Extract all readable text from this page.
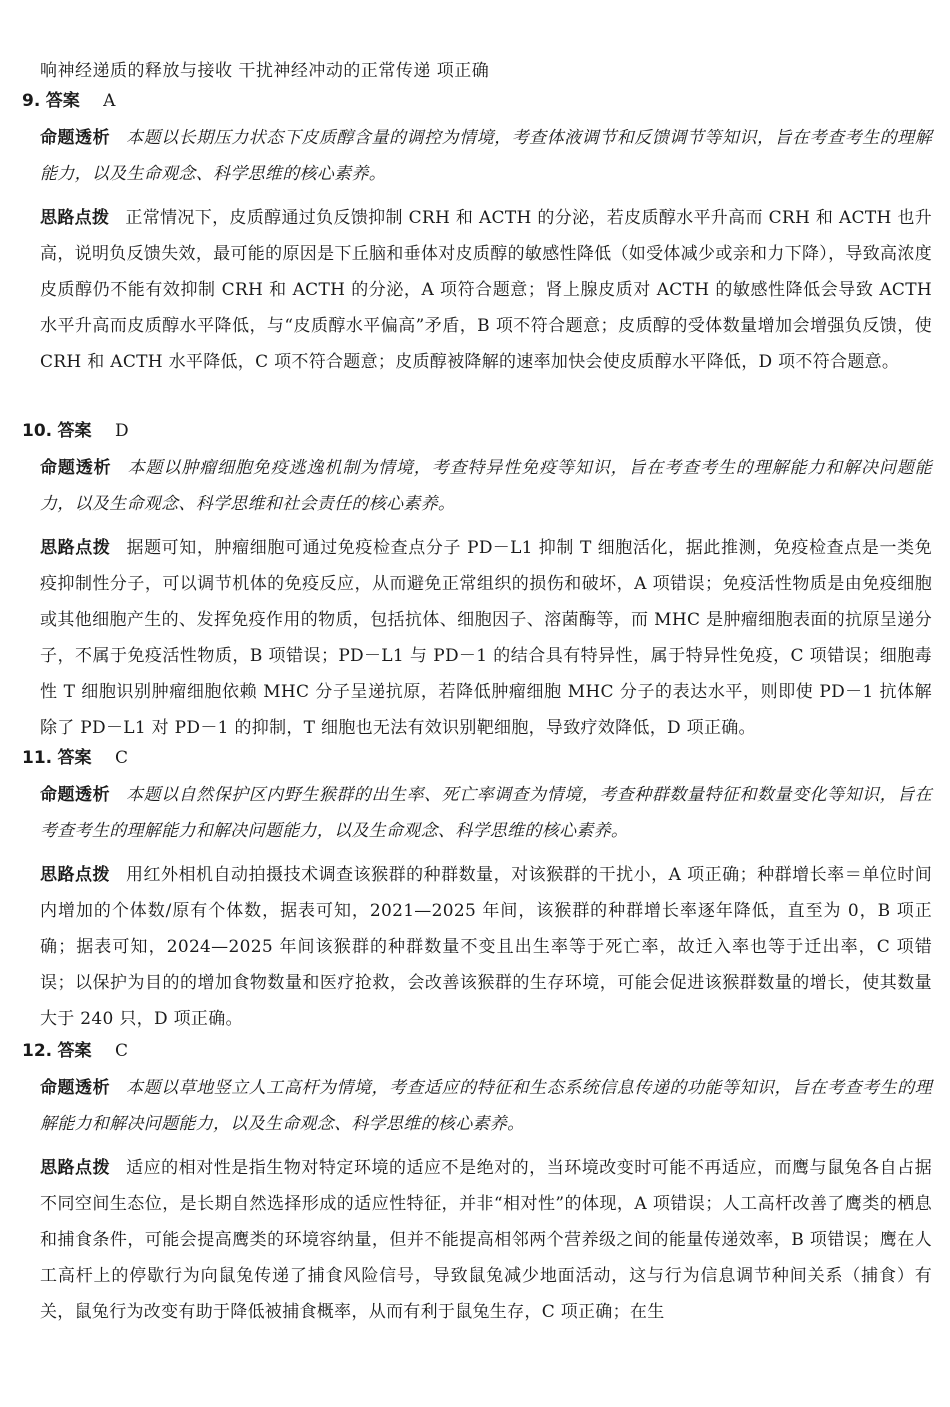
响神经递质的释放与接收 干扰神经冲动的正常传递 项正确
9. 答案 A
命题透析 本题以长期压力状态下皮质醇含量的调控为情境，考查体液调节和反馈调节等知识，旨在考查考生的理解能力，以及生命观念、科学思维的核心素养。
思路点拨 正常情况下，皮质醇通过负反馈抑制 CRH 和 ACTH 的分泌，若皮质醇水平升高而 CRH 和 ACTH 也升高，说明负反馈失效，最可能的原因是下丘脑和垂体对皮质醇的敏感性降低（如受体减少或亲和力下降），导致高浓度皮质醇仍不能有效抑制 CRH 和 ACTH 的分泌，A 项符合题意；肾上腺皮质对 ACTH 的敏感性降低会导致 ACTH 水平升高而皮质醇水平降低，与“皮质醇水平偏高”矛盾，B 项不符合题意；皮质醇的受体数量增加会增强负反馈，使 CRH 和 ACTH 水平降低，C 项不符合题意；皮质醇被降解的速率加快会使皮质醇水平降低，D 项不符合题意。
10. 答案 D
命题透析 本题以肿瘤细胞免疫逃逸机制为情境，考查特异性免疫等知识，旨在考查考生的理解能力和解决问题能力，以及生命观念、科学思维和社会责任的核心素养。
思路点拨 据题可知，肿瘤细胞可通过免疫检查点分子 PD－L1 抑制 T 细胞活化，据此推测，免疫检查点是一类免疫抑制性分子，可以调节机体的免疫反应，从而避免正常组织的损伤和破坏，A 项错误；免疫活性物质是由免疫细胞或其他细胞产生的、发挥免疫作用的物质，包括抗体、细胞因子、溶菌酶等，而 MHC 是肿瘤细胞表面的抗原呈递分子，不属于免疫活性物质，B 项错误；PD－L1 与 PD－1 的结合具有特异性，属于特异性免疫，C 项错误；细胞毒性 T 细胞识别肿瘤细胞依赖 MHC 分子呈递抗原，若降低肿瘤细胞 MHC 分子的表达水平，则即使 PD－1 抗体解除了 PD－L1 对 PD－1 的抑制，T 细胞也无法有效识别靶细胞，导致疗效降低，D 项正确。
11. 答案 C
命题透析 本题以自然保护区内野生猴群的出生率、死亡率调查为情境，考查种群数量特征和数量变化等知识，旨在考查考生的理解能力和解决问题能力，以及生命观念、科学思维的核心素养。
思路点拨 用红外相机自动拍摄技术调查该猴群的种群数量，对该猴群的干扰小，A 项正确；种群增长率＝单位时间内增加的个体数/原有个体数，据表可知，2021—2025 年间，该猴群的种群增长率逐年降低，直至为 0，B 项正确；据表可知，2024—2025 年间该猴群的种群数量不变且出生率等于死亡率，故迁入率也等于迁出率，C 项错误；以保护为目的的增加食物数量和医疗抢救，会改善该猴群的生存环境，可能会促进该猴群数量的增长，使其数量大于 240 只，D 项正确。
12. 答案 C
命题透析 本题以草地竖立人工高杆为情境，考查适应的特征和生态系统信息传递的功能等知识，旨在考查考生的理解能力和解决问题能力，以及生命观念、科学思维的核心素养。
思路点拨 适应的相对性是指生物对特定环境的适应不是绝对的，当环境改变时可能不再适应，而鹰与鼠兔各自占据不同空间生态位，是长期自然选择形成的适应性特征，并非“相对性”的体现，A 项错误；人工高杆改善了鹰类的栖息和捕食条件，可能会提高鹰类的环境容纳量，但并不能提高相邻两个营养级之间的能量传递效率，B 项错误；鹰在人工高杆上的停歇行为向鼠兔传递了捕食风险信号，导致鼠兔减少地面活动，这与行为信息调节种间关系（捕食）有关，鼠兔行为改变有助于降低被捕食概率，从而有利于鼠兔生存，C 项正确；在生
